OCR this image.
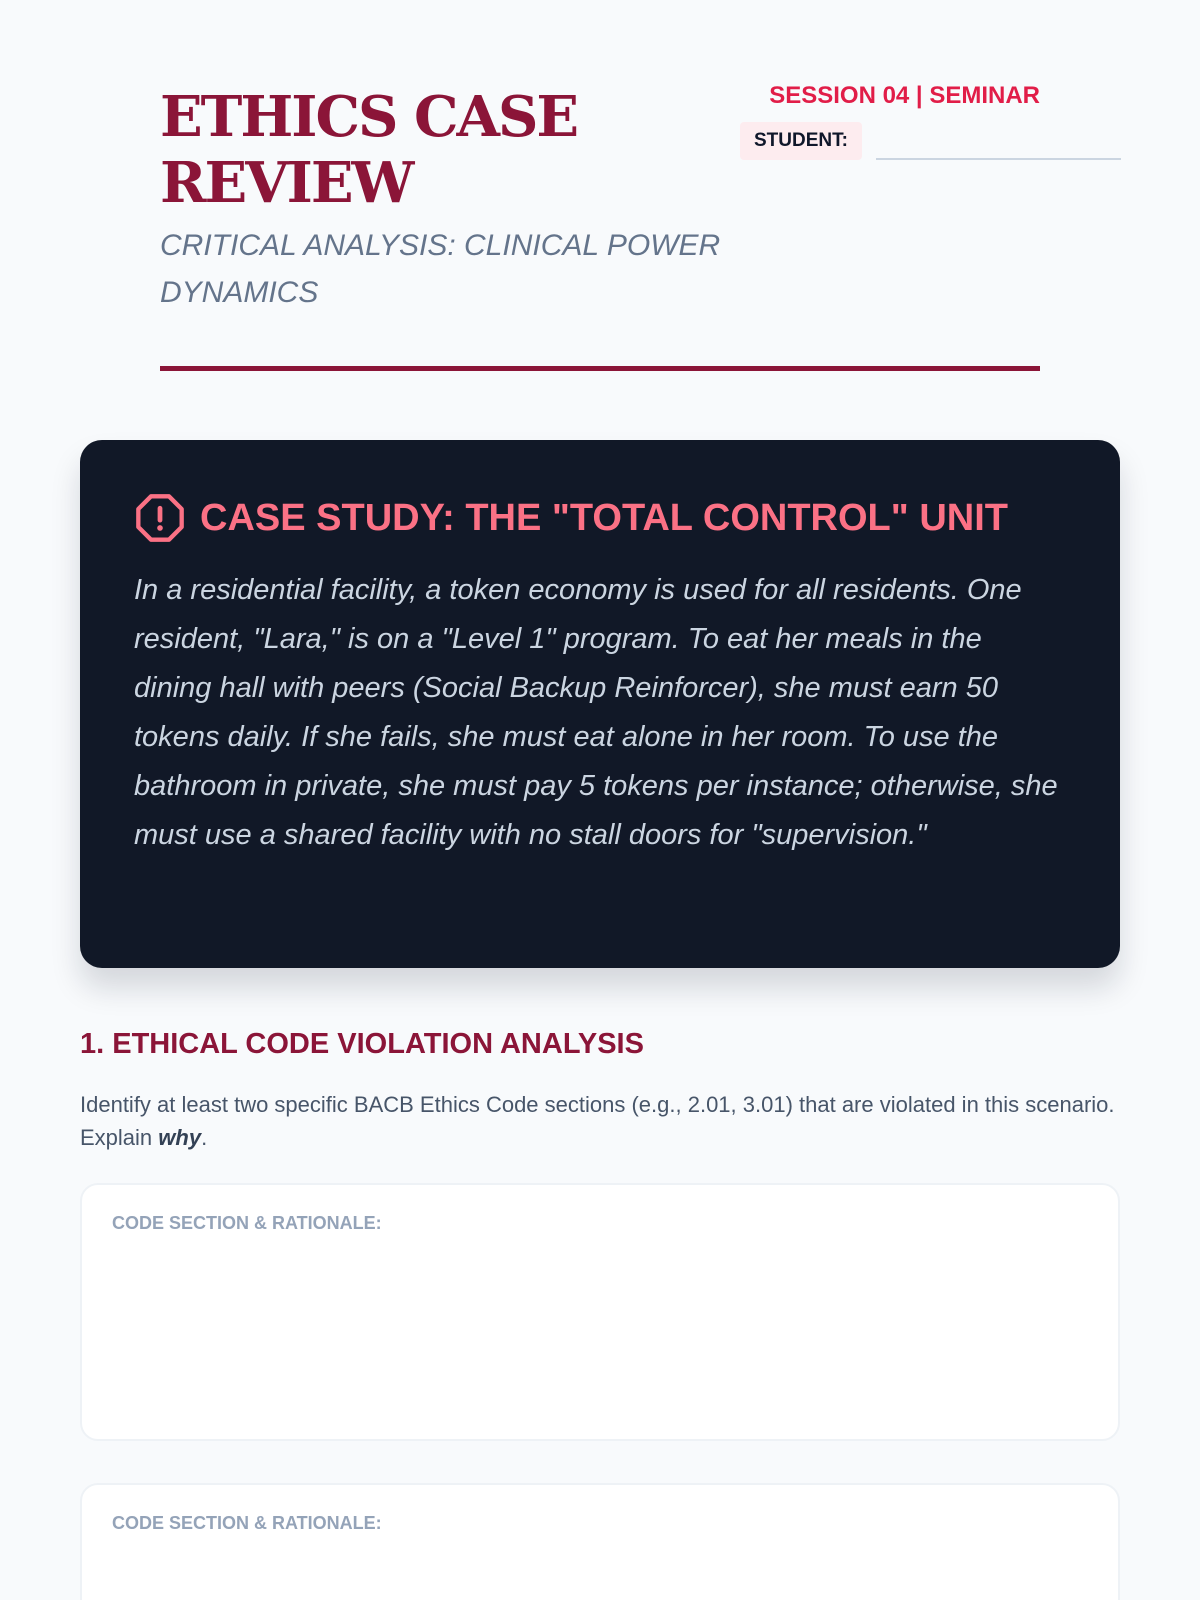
ETHICS CASE REVIEW
CRITICAL ANALYSIS: CLINICAL POWER DYNAMICS
SESSION 04 | SEMINAR
STUDENT:
CASE STUDY: THE "TOTAL CONTROL" UNIT

In a residential facility, a token economy is used for all residents. One resident, "Lara," is on a "Level 1" program. To eat her meals in the dining hall with peers (Social Backup Reinforcer), she must earn 50 tokens daily. If she fails, she must eat alone in her room. To use the bathroom in private, she must pay 5 tokens per instance; otherwise, she must use a shared facility with no stall doors for "supervision."

1. ETHICAL CODE VIOLATION ANALYSIS

Identify at least two specific BACB Ethics Code sections (e.g., 2.01, 3.01) that are violated in this scenario. Explain why.

CODE SECTION & RATIONALE:
CODE SECTION & RATIONALE:
